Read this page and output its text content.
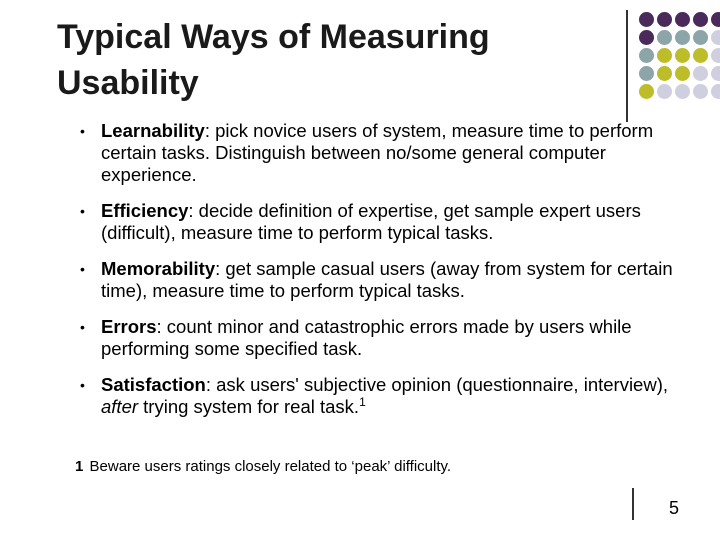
Typical Ways of Measuring
Usability
• Learnability: pick novice users of system, measure time to perform certain tasks. Distinguish between no/some general computer experience.
• Efficiency: decide definition of expertise, get sample expert users (difficult), measure time to perform typical tasks.
• Memorability: get sample casual users (away from system for certain time), measure time to perform typical tasks.
• Errors: count minor and catastrophic errors made by users while performing some specified task.
• Satisfaction: ask users' subjective opinion (questionnaire, interview), after trying system for real task.$^1$
1 Beware users ratings closely related to ‘peak’ difficulty.
5
